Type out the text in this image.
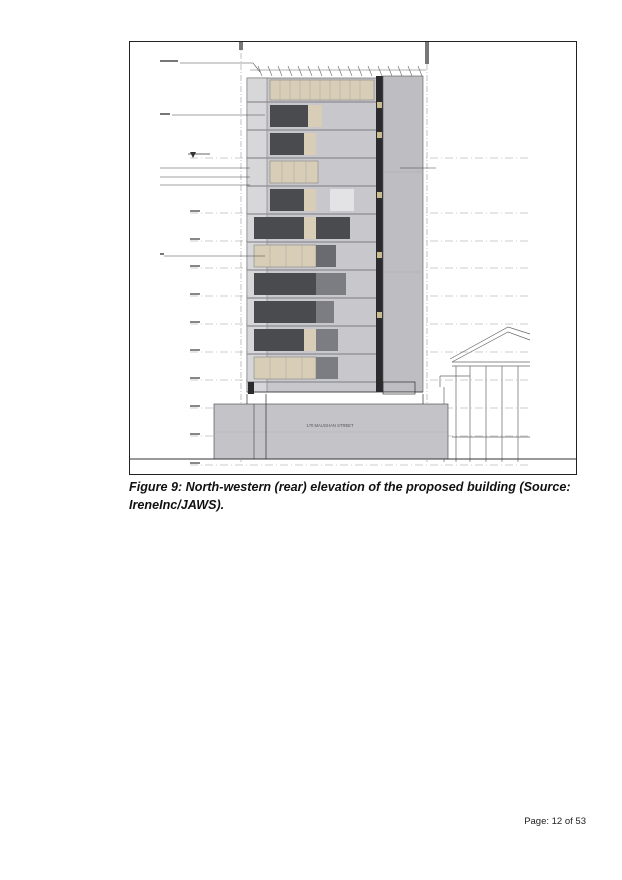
170 MAUGHAN STREET
Figure 9: North-western (rear) elevation of the proposed building (Source: IreneInc/JAWS).
Page: 12 of 53
